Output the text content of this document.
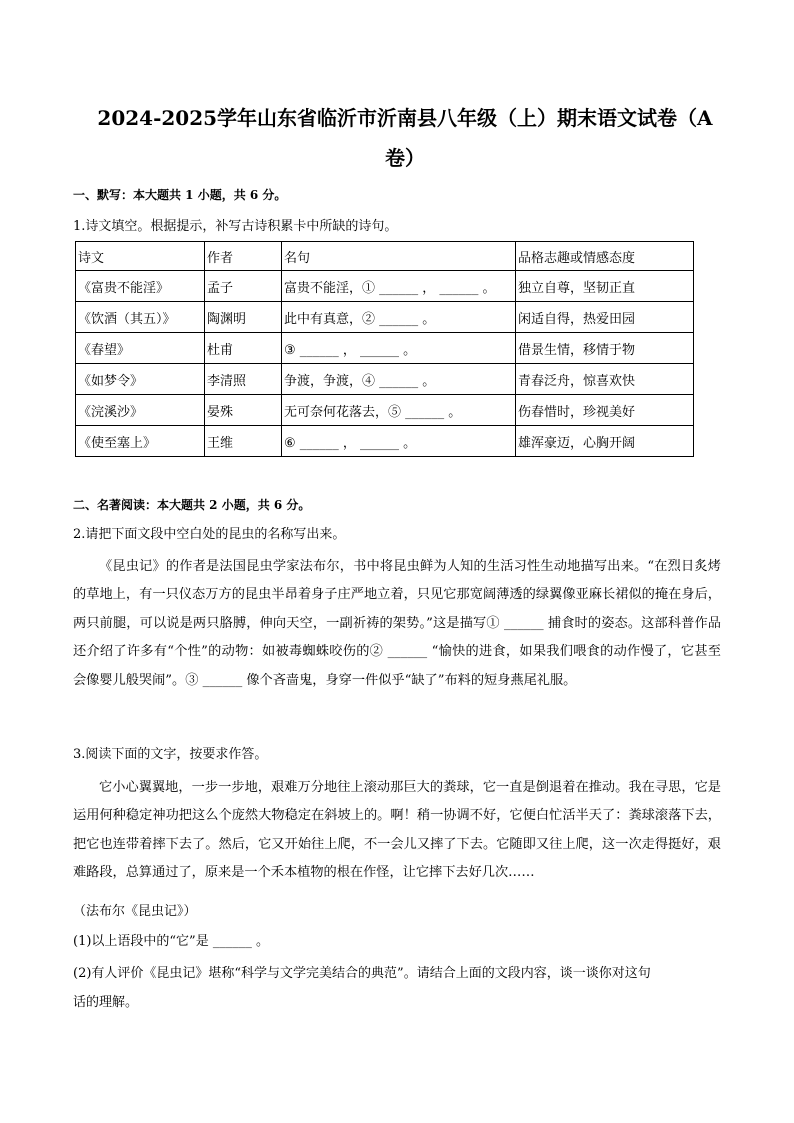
2024-2025学年山东省临沂市沂南县八年级（上）期末语文试卷（A
卷）
一、默写：本大题共 1 小题，共 6 分。
1.诗文填空。根据提示，补写古诗积累卡中所缺的诗句。
诗文	作者	名句	品格志趣或情感态度
《富贵不能淫》	孟子	富贵不能淫，① ______ ， ______ 。	独立自尊，坚韧正直
《饮酒（其五）》	陶渊明	此中有真意，② ______ 。	闲适自得，热爱田园
《春望》	杜甫	③ ______ ， ______ 。	借景生情，移情于物
《如梦令》	李清照	争渡，争渡，④ ______ 。	青春泛舟，惊喜欢快
《浣溪沙》	晏殊	无可奈何花落去，⑤ ______ 。	伤春惜时，珍视美好
《使至塞上》	王维	⑥ ______ ， ______ 。	雄浑豪迈，心胸开阔
二、名著阅读：本大题共 2 小题，共 6 分。
2.请把下面文段中空白处的昆虫的名称写出来。
《昆虫记》的作者是法国昆虫学家法布尔，书中将昆虫鲜为人知的生活习性生动地描写出来。“在烈日炙烤的草地上，有一只仪态万方的昆虫半昂着身子庄严地立着，只见它那宽阔薄透的绿翼像亚麻长裙似的掩在身后，两只前腿，可以说是两只胳膊，伸向天空，一副祈祷的架势。”这是描写① ______ 捕食时的姿态。这部科普作品还介绍了许多有“个性”的动物：如被毒蜘蛛咬伤的② ______ “愉快的进食，如果我们喂食的动作慢了，它甚至会像婴儿般哭闹”。③ ______ 像个吝啬鬼，身穿一件似乎“缺了”布料的短身燕尾礼服。
3.阅读下面的文字，按要求作答。
它小心翼翼地，一步一步地，艰难万分地往上滚动那巨大的粪球，它一直是倒退着在推动。我在寻思，它是运用何种稳定神功把这么个庞然大物稳定在斜坡上的。啊！稍一协调不好，它便白忙活半天了：粪球滚落下去，把它也连带着摔下去了。然后，它又开始往上爬，不一会儿又摔了下去。它随即又往上爬，这一次走得挺好，艰难路段，总算通过了，原来是一个禾本植物的根在作怪，让它摔下去好几次……
（法布尔《昆虫记》）
(1)以上语段中的“它”是 ______ 。
(2)有人评价《昆虫记》堪称“科学与文学完美结合的典范”。请结合上面的文段内容，谈一谈你对这句
话的理解。
